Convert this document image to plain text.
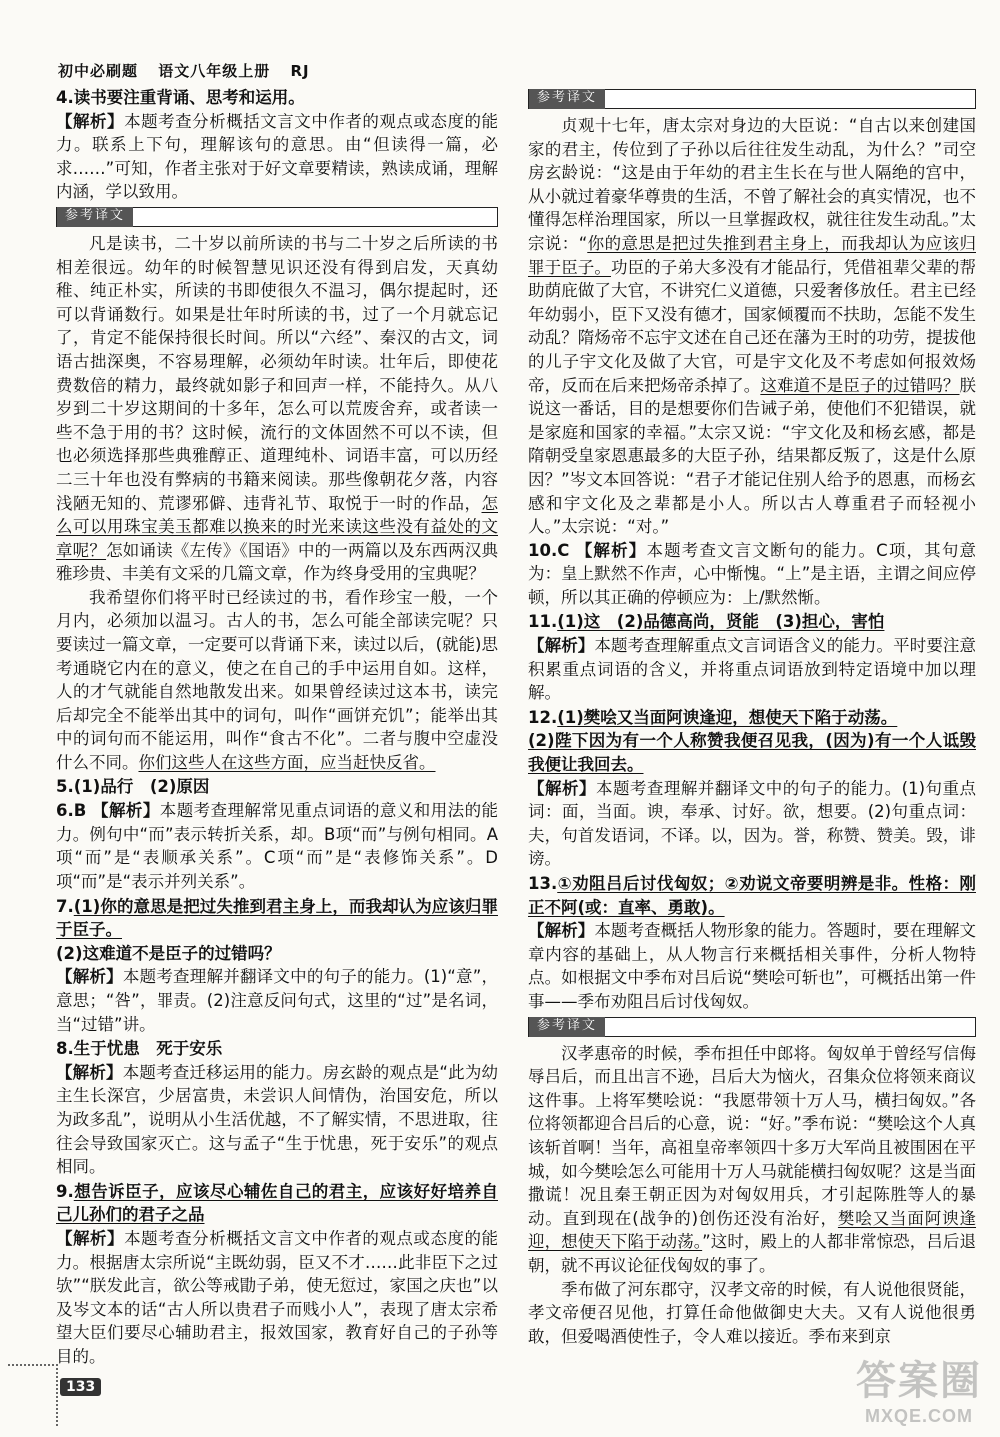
初中必刷题 语文八年级上册 RJ

4.读书要注重背诵、思考和运用。

【解析】本题考查分析概括文言文中作者的观点或态度的能力。联系上下句，理解该句的意思。由“但读得一篇，必求……”可知，作者主张对于好文章要精读，熟读成诵，理解内涵，学以致用。

参考译文

凡是读书，二十岁以前所读的书与二十岁之后所读的书相差很远。幼年的时候智慧见识还没有得到启发，天真幼稚、纯正朴实，所读的书即使很久不温习，偶尔提起时，还可以背诵数行。如果是壮年时所读的书，过了一个月就忘记了，肯定不能保持很长时间。所以“六经”、秦汉的古文，词语古拙深奥，不容易理解，必须幼年时读。壮年后，即使花费数倍的精力，最终就如影子和回声一样，不能持久。从八岁到二十岁这期间的十多年，怎么可以荒废舍弃，或者读一些不急于用的书？这时候，流行的文体固然不可以不读，但也必须选择那些典雅醇正、道理纯朴、词语丰富，可以历经二三十年也没有弊病的书籍来阅读。那些像朝花夕落，内容浅陋无知的、荒谬邪僻、违背礼节、取悦于一时的作品，怎么可以用珠宝美玉都难以换来的时光来读这些没有益处的文章呢？怎如诵读《左传》《国语》中的一两篇以及东西两汉典雅珍贵、丰美有文采的几篇文章，作为终身受用的宝典呢？

我希望你们将平时已经读过的书，看作珍宝一般，一个月内，必须加以温习。古人的书，怎么可能全部读完呢？只要读过一篇文章，一定要可以背诵下来，读过以后，(就能)思考通晓它内在的意义，使之在自己的手中运用自如。这样，人的才气就能自然地散发出来。如果曾经读过这本书，读完后却完全不能举出其中的词句，叫作“画饼充饥”；能举出其中的词句而不能运用，叫作“食古不化”。二者与腹中空虚没什么不同。你们这些人在这些方面，应当赶快反省。

5.(1)品行　(2)原因

6.B 【解析】本题考查理解常见重点词语的意义和用法的能力。例句中“而”表示转折关系，却。B项“而”与例句相同。A项“而”是“表顺承关系”。C项“而”是“表修饰关系”。D项“而”是“表示并列关系”。

7.(1)你的意思是把过失推到君主身上，而我却认为应该归罪于臣子。

(2)这难道不是臣子的过错吗？

【解析】本题考查理解并翻译文中的句子的能力。(1)“意”，意思；“咎”，罪责。(2)注意反问句式，这里的“过”是名词，当“过错”讲。

8.生于忧患　死于安乐

【解析】本题考查迁移运用的能力。房玄龄的观点是“此为幼主生长深宫，少居富贵，未尝识人间情伪，治国安危，所以为政多乱”，说明从小生活优越，不了解实情，不思进取，往往会导致国家灭亡。这与孟子“生于忧患，死于安乐”的观点相同。

9.想告诉臣子，应该尽心辅佐自己的君主，应该好好培养自己儿孙们的君子之品

【解析】本题考查分析概括文言文中作者的观点或态度的能力。根据唐太宗所说“主既幼弱，臣又不才……此非臣下之过欤”“朕发此言，欲公等戒勖子弟，使无愆过，家国之庆也”以及岑文本的话“古人所以贵君子而贱小人”，表现了唐太宗希望大臣们要尽心辅助君主，报效国家，教育好自己的子孙等目的。

参考译文

贞观十七年，唐太宗对身边的大臣说：“自古以来创建国家的君主，传位到了子孙以后往往发生动乱，为什么？”司空房玄龄说：“这是由于年幼的君主生长在与世人隔绝的宫中，从小就过着豪华尊贵的生活，不曾了解社会的真实情况，也不懂得怎样治理国家，所以一旦掌握政权，就往往发生动乱。”太宗说：“你的意思是把过失推到君主身上，而我却认为应该归罪于臣子。功臣的子弟大多没有才能品行，凭借祖辈父辈的帮助荫庇做了大官，不讲究仁义道德，只爱奢侈放任。君主已经年幼弱小，臣下又没有德才，国家倾覆而不扶助，怎能不发生动乱？隋炀帝不忘宇文述在自己还在藩为王时的功劳，提拔他的儿子宇文化及做了大官，可是宇文化及不考虑如何报效炀帝，反而在后来把炀帝杀掉了。这难道不是臣子的过错吗？朕说这一番话，目的是想要你们告诫子弟，使他们不犯错误，就是家庭和国家的幸福。”太宗又说：“宇文化及和杨玄感，都是隋朝受皇家恩惠最多的大臣子孙，结果都反叛了，这是什么原因？”岑文本回答说：“君子才能记住别人给予的恩惠，而杨玄感和宇文化及之辈都是小人。所以古人尊重君子而轻视小人。”太宗说：“对。”

10.C 【解析】本题考查文言文断句的能力。C项，其句意为：皇上默然不作声，心中惭愧。“上”是主语，主谓之间应停顿，所以其正确的停顿应为：上/默然惭。

11.(1)这　(2)品德高尚，贤能　(3)担心，害怕

【解析】本题考查理解重点文言词语含义的能力。平时要注意积累重点词语的含义，并将重点词语放到特定语境中加以理解。

12.(1)樊哙又当面阿谀逢迎，想使天下陷于动荡。

(2)陛下因为有一个人称赞我便召见我，(因为)有一个人诋毁我便让我回去。

【解析】本题考查理解并翻译文中的句子的能力。(1)句重点词：面，当面。谀，奉承、讨好。欲，想要。(2)句重点词：夫，句首发语词，不译。以，因为。誉，称赞、赞美。毁，诽谤。

13.①劝阻吕后讨伐匈奴；②劝说文帝要明辨是非。性格：刚正不阿(或：直率、勇敢)。

【解析】本题考查概括人物形象的能力。答题时，要在理解文章内容的基础上，从人物言行来概括相关事件，分析人物特点。如根据文中季布对吕后说“樊哙可斩也”，可概括出第一件事——季布劝阻吕后讨伐匈奴。

参考译文

汉孝惠帝的时候，季布担任中郎将。匈奴单于曾经写信侮辱吕后，而且出言不逊，吕后大为恼火，召集众位将领来商议这件事。上将军樊哙说：“我愿带领十万人马，横扫匈奴。”各位将领都迎合吕后的心意，说：“好。”季布说：“樊哙这个人真该斩首啊！当年，高祖皇帝率领四十多万大军尚且被围困在平城，如今樊哙怎么可能用十万人马就能横扫匈奴呢？这是当面撒谎！况且秦王朝正因为对匈奴用兵，才引起陈胜等人的暴动。直到现在(战争的)创伤还没有治好，樊哙又当面阿谀逢迎，想使天下陷于动荡。”这时，殿上的人都非常惊恐，吕后退朝，就不再议论征伐匈奴的事了。

季布做了河东郡守，汉孝文帝的时候，有人说他很贤能，孝文帝便召见他，打算任命他做御史大夫。又有人说他很勇敢，但爱喝酒使性子，令人难以接近。季布来到京

133	答案圈
MXQE.COM
